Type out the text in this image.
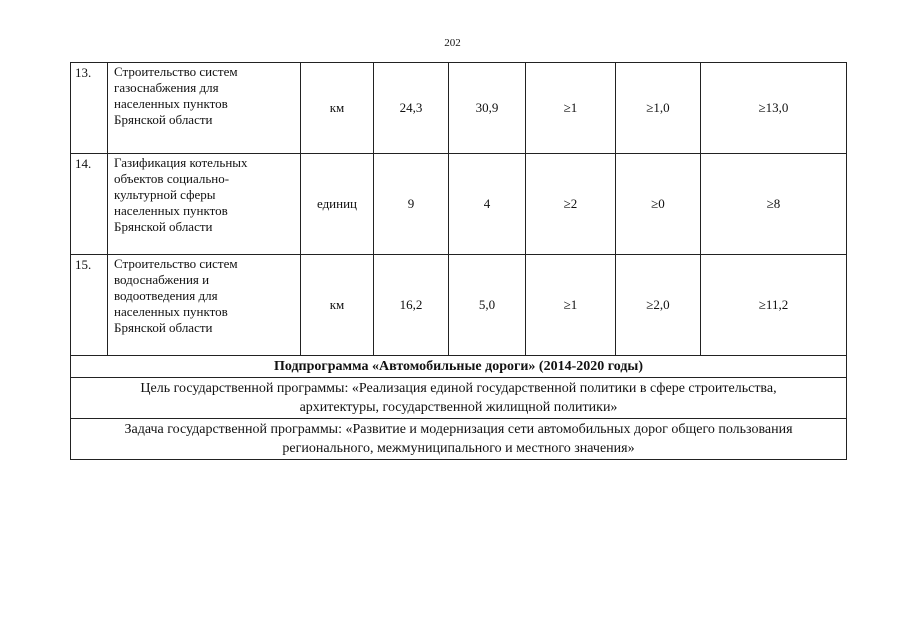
202
13.	Строительство систем
газоснабжения для
населенных пунктов
Брянской области	км	24,3	30,9	≥1	≥1,0	≥13,0
14.	Газификация котельных
объектов социально-
культурной сферы
населенных пунктов
Брянской области	единиц	9	4	≥2	≥0	≥8
15.	Строительство систем
водоснабжения и
водоотведения для
населенных пунктов
Брянской области	км	16,2	5,0	≥1	≥2,0	≥11,2
Подпрограмма «Автомобильные дороги» (2014-2020 годы)							

Цель государственной программы: «Реализация единой государственной политики в сфере строительства,
архитектуры, государственной жилищной политики»							

Задача государственной программы: «Развитие и модернизация сети автомобильных дорог общего пользования
регионального, межмуниципального и местного значения»							
